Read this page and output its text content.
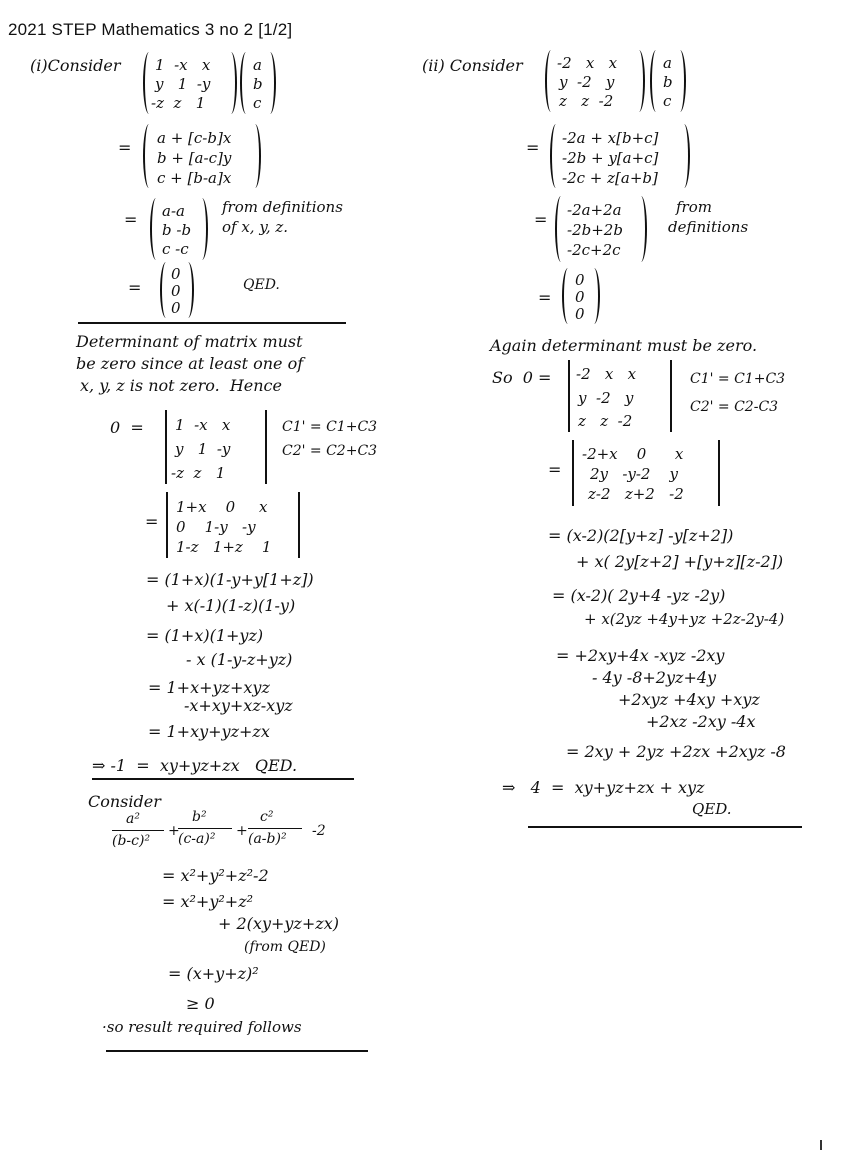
2021 STEP Mathematics 3 no 2 [1/2]
(i)Consider 1  -x   x
y   1  -y
-z  z   1
a
b
c
= a + [c-b]x
b + [a-c]y
c + [b-a]x
= a-a
b -b
c -c
from definitions
of x, y, z.
=
0
0
0
QED.
Determinant of matrix must
be zero since at least one of
x, y, z is not zero.  Hence
0  = 1  -x   x
y   1  -y
-z  z   1
C1' = C1+C3
C2' = C2+C3
=
1+x    0     x
0    1-y   -y
1-z   1+z    1
= (1+x)(1-y+y[1+z])
+ x(-1)(1-z)(1-y)
= (1+x)(1+yz)
- x (1-y-z+yz)
= 1+x+yz+xyz
-x+xy+xz-xyz
= 1+xy+yz+zx
⇒ -1  =  xy+yz+zx   QED.
Consider
a²
(b-c)²
+
b²
(c-a)² +
c²
(a-b)² -2
= x²+y²+z²-2
= x²+y²+z²
+ 2(xy+yz+zx)
(from QED)
= (x+y+z)²
≥ 0
·so result required follows
(ii) Consider -2   x   x
y  -2   y
z   z  -2
a
b
c
= -2a + x[b+c]
-2b + y[a+c]
-2c + z[a+b]
= -2a+2a
-2b+2b
-2c+2c
from
definitions
=
0
0
0
Again determinant must be zero.
So  0 = -2   x   x
y  -2   y
z   z  -2
C1' = C1+C3
C2' = C2-C3
=
-2+x    0      x
2y   -y-2    y
z-2   z+2   -2
= (x-2)(2[y+z] -y[z+2])
+ x( 2y[z+2] +[y+z][z-2])
= (x-2)( 2y+4 -yz -2y)
+ x(2yz +4y+yz +2z-2y-4)
= +2xy+4x -xyz -2xy
- 4y -8+2yz+4y
+2xyz +4xy +xyz
+2xz -2xy -4x
= 2xy + 2yz +2zx +2xyz -8
⇒   4  =  xy+yz+zx + xyz
QED.
